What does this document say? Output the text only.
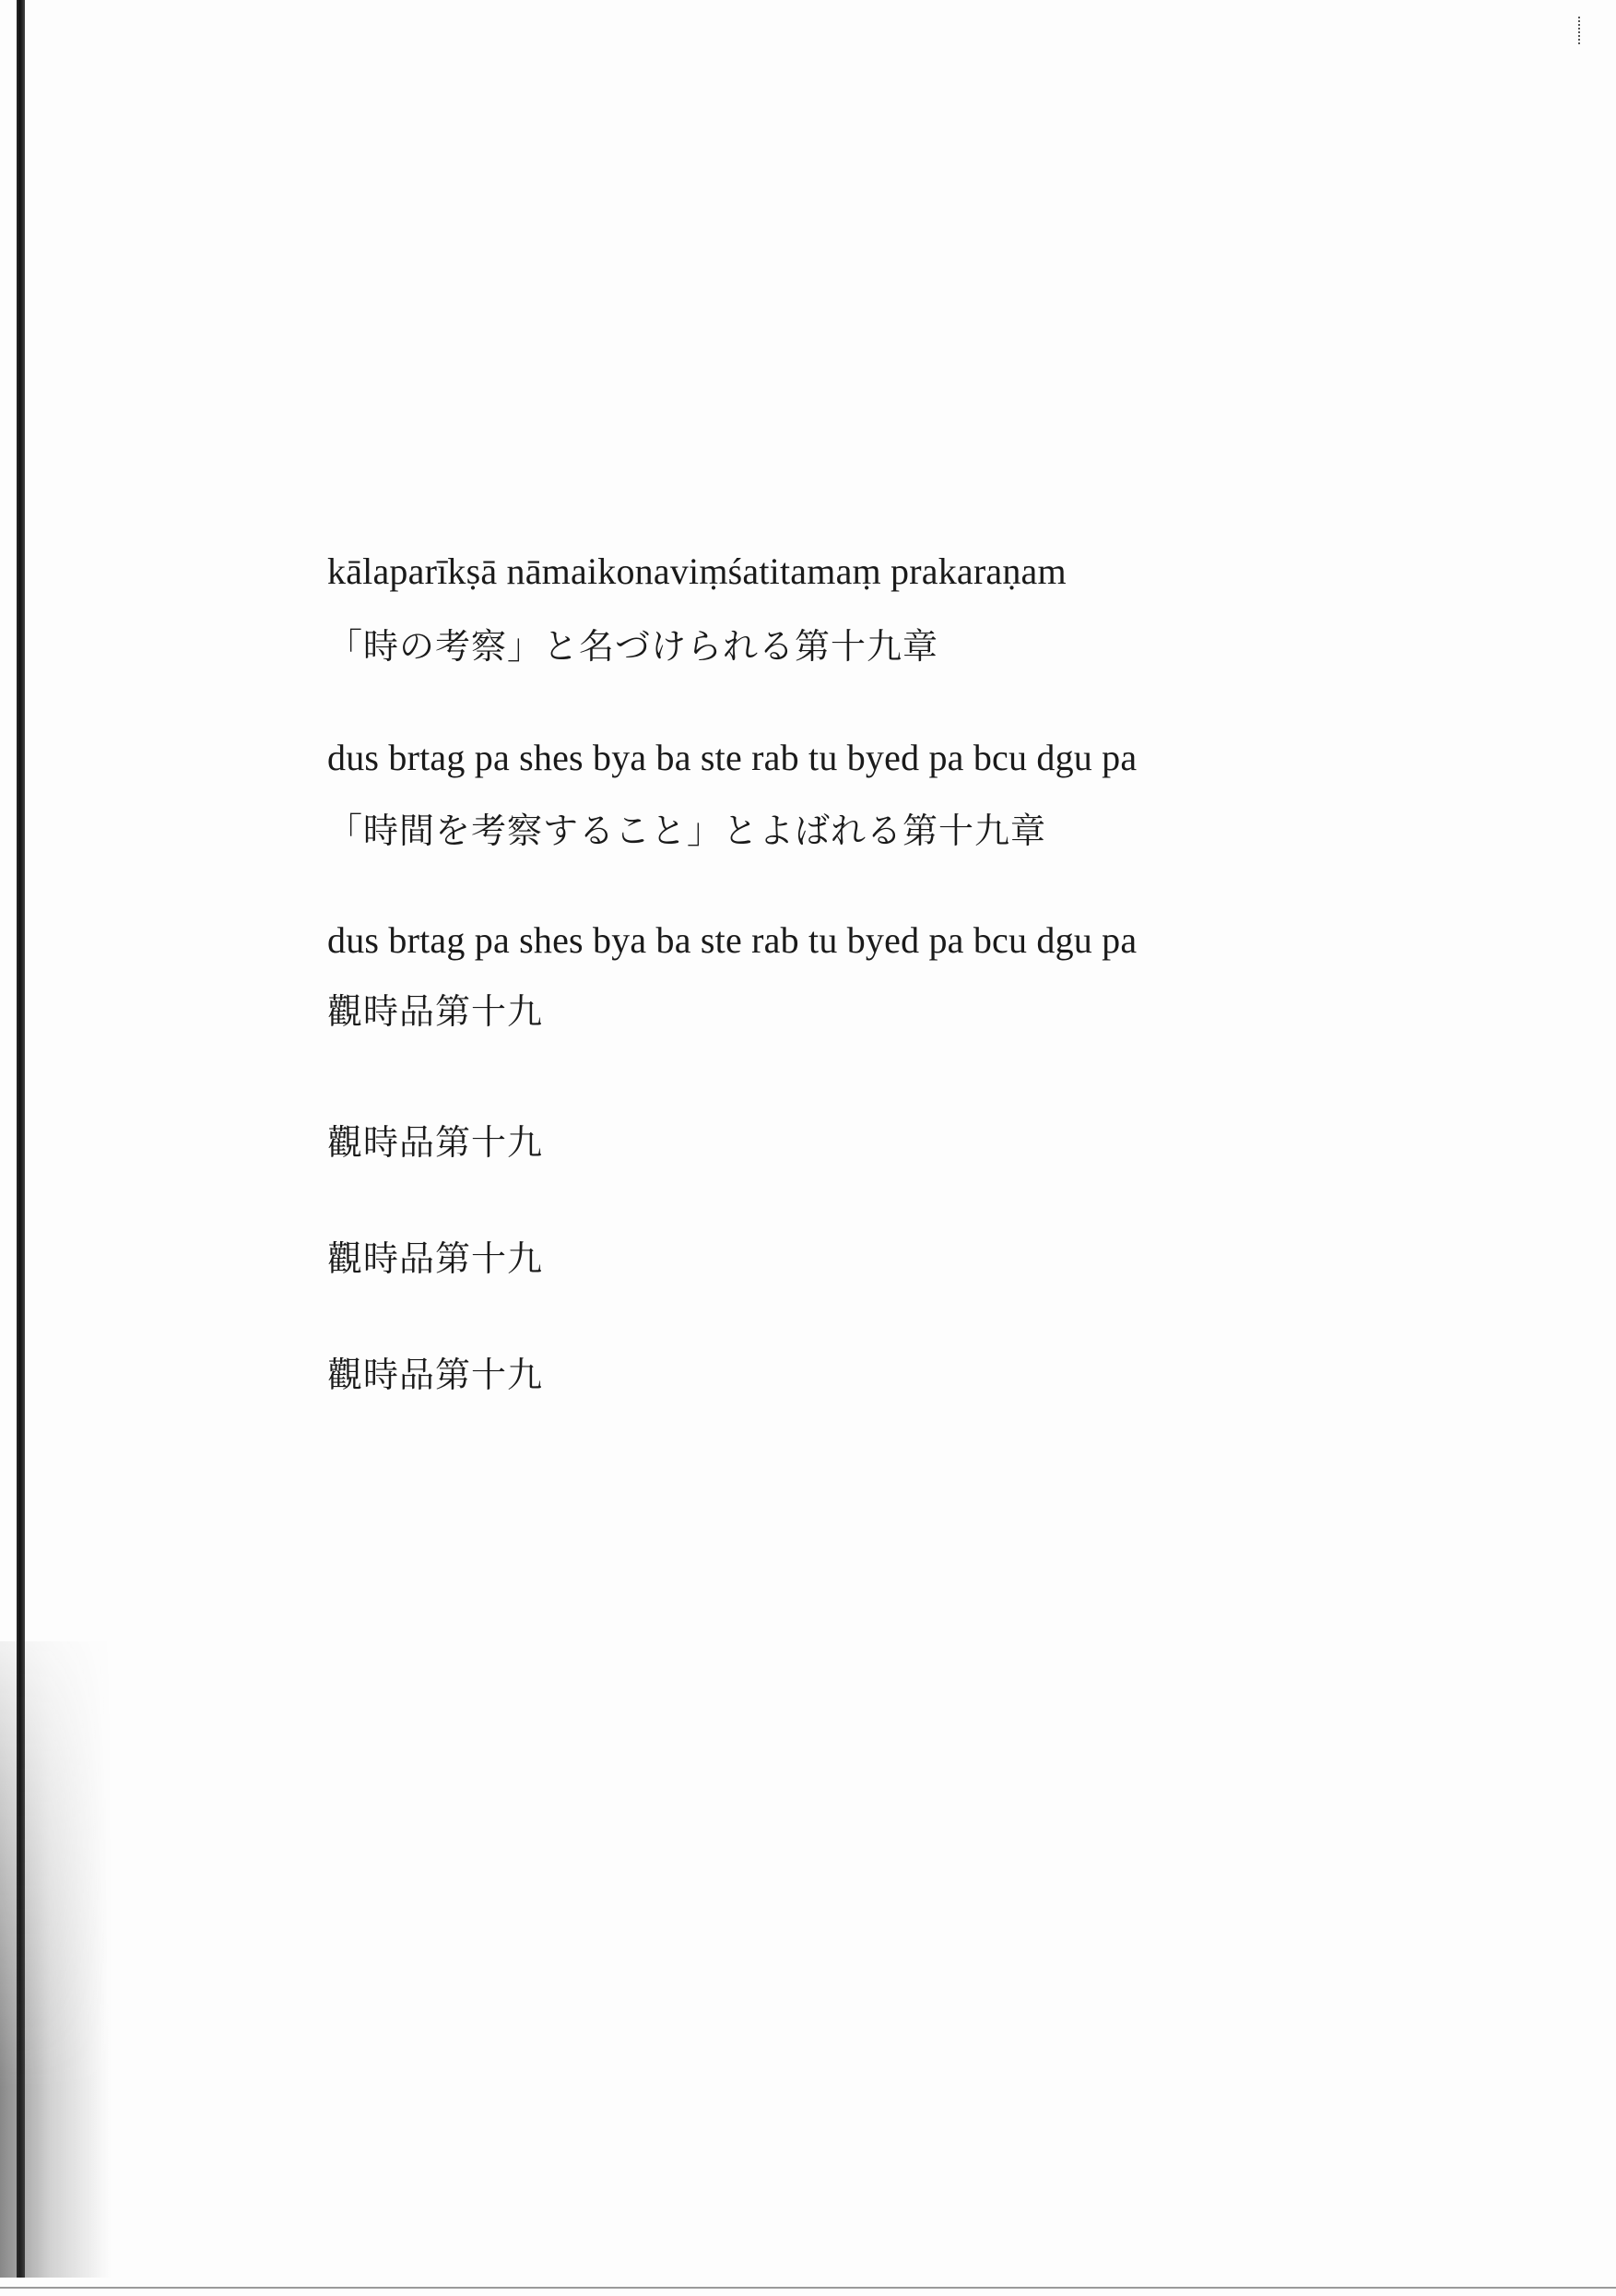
kālaparīkṣā nāmaikonaviṃśatitamaṃ prakaraṇam
「時の考察」と名づけられる第十九章
dus brtag pa shes bya ba ste rab tu byed pa bcu dgu pa
「時間を考察すること」とよばれる第十九章
dus brtag pa shes bya ba ste rab tu byed pa bcu dgu pa
觀時品第十九
觀時品第十九
觀時品第十九
觀時品第十九
